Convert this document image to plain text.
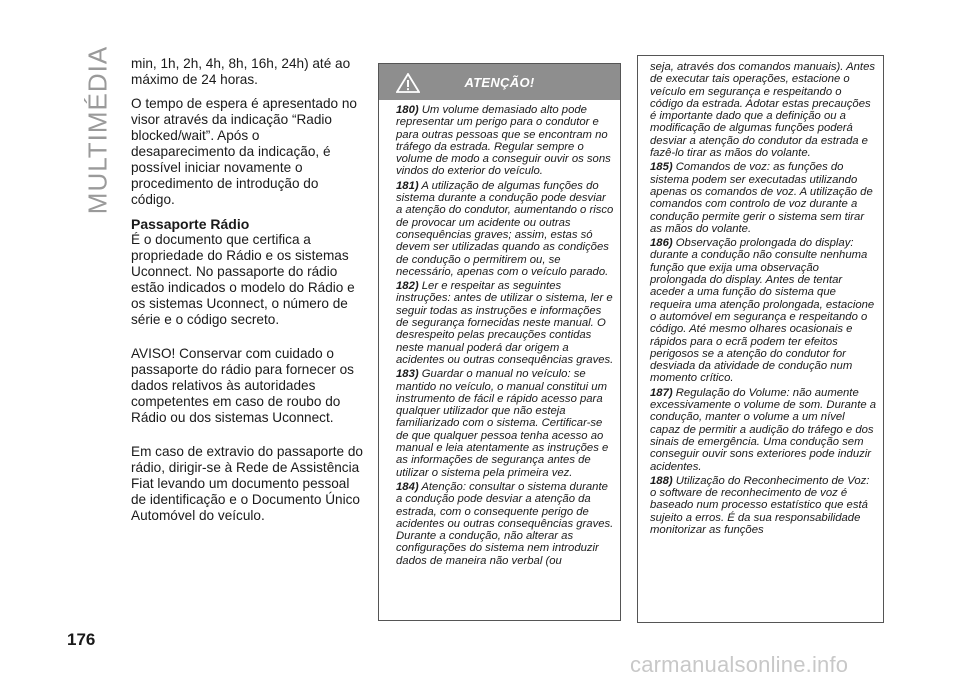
MULTIMÉDIA min, 1h, 2h, 4h, 8h, 16h, 24h) até ao máximo de 24 horas.

O tempo de espera é apresentado no visor através da indicação “Radio blocked/wait”. Após o desaparecimento da indicação, é possível iniciar novamente o procedimento de introdução do código.

Passaporte Rádio

É o documento que certifica a propriedade do Rádio e os sistemas Uconnect. No passaporte do rádio estão indicados o modelo do Rádio e os sistemas Uconnect, o número de série e o código secreto.

AVISO! Conservar com cuidado o passaporte do rádio para fornecer os dados relativos às autoridades competentes em caso de roubo do Rádio ou dos sistemas Uconnect.

Em caso de extravio do passaporte do rádio, dirigir-se à Rede de Assistência Fiat levando um documento pessoal de identificação e o Documento Único Automóvel do veículo.

ATENÇÃO!
180) Um volume demasiado alto pode representar um perigo para o condutor e para outras pessoas que se encontram no tráfego da estrada. Regular sempre o volume de modo a conseguir ouvir os sons vindos do exterior do veículo.
181) A utilização de algumas funções do sistema durante a condução pode desviar a atenção do condutor, aumentando o risco de provocar um acidente ou outras consequências graves; assim, estas só devem ser utilizadas quando as condições de condução o permitirem ou, se necessário, apenas com o veículo parado.
182) Ler e respeitar as seguintes instruções: antes de utilizar o sistema, ler e seguir todas as instruções e informações de segurança fornecidas neste manual. O desrespeito pelas precauções contidas neste manual poderá dar origem a acidentes ou outras consequências graves.
183) Guardar o manual no veículo: se mantido no veículo, o manual constitui um instrumento de fácil e rápido acesso para qualquer utilizador que não esteja familiarizado com o sistema. Certificar-se de que qualquer pessoa tenha acesso ao manual e leia atentamente as instruções e as informações de segurança antes de utilizar o sistema pela primeira vez.
184) Atenção: consultar o sistema durante a condução pode desviar a atenção da estrada, com o consequente perigo de acidentes ou outras consequências graves. Durante a condução, não alterar as configurações do sistema nem introduzir dados de maneira não verbal (ou
seja, através dos comandos manuais). Antes de executar tais operações, estacione o veículo em segurança e respeitando o código da estrada. Adotar estas precauções é importante dado que a definição ou a modificação de algumas funções poderá desviar a atenção do condutor da estrada e fazê-lo tirar as mãos do volante.
185) Comandos de voz: as funções do sistema podem ser executadas utilizando apenas os comandos de voz. A utilização de comandos com controlo de voz durante a condução permite gerir o sistema sem tirar as mãos do volante.
186) Observação prolongada do display: durante a condução não consulte nenhuma função que exija uma observação prolongada do display. Antes de tentar aceder a uma função do sistema que requeira uma atenção prolongada, estacione o automóvel em segurança e respeitando o código. Até mesmo olhares ocasionais e rápidos para o ecrã podem ter efeitos perigosos se a atenção do condutor for desviada da atividade de condução num momento crítico.
187) Regulação do Volume: não aumente excessivamente o volume de som. Durante a condução, manter o volume a um nível capaz de permitir a audição do tráfego e dos sinais de emergência. Uma condução sem conseguir ouvir sons exteriores pode induzir acidentes.
188) Utilização do Reconhecimento de Voz: o software de reconhecimento de voz é baseado num processo estatístico que está sujeito a erros. É da sua responsabilidade monitorizar as funções
176
carmanualsonline.info
